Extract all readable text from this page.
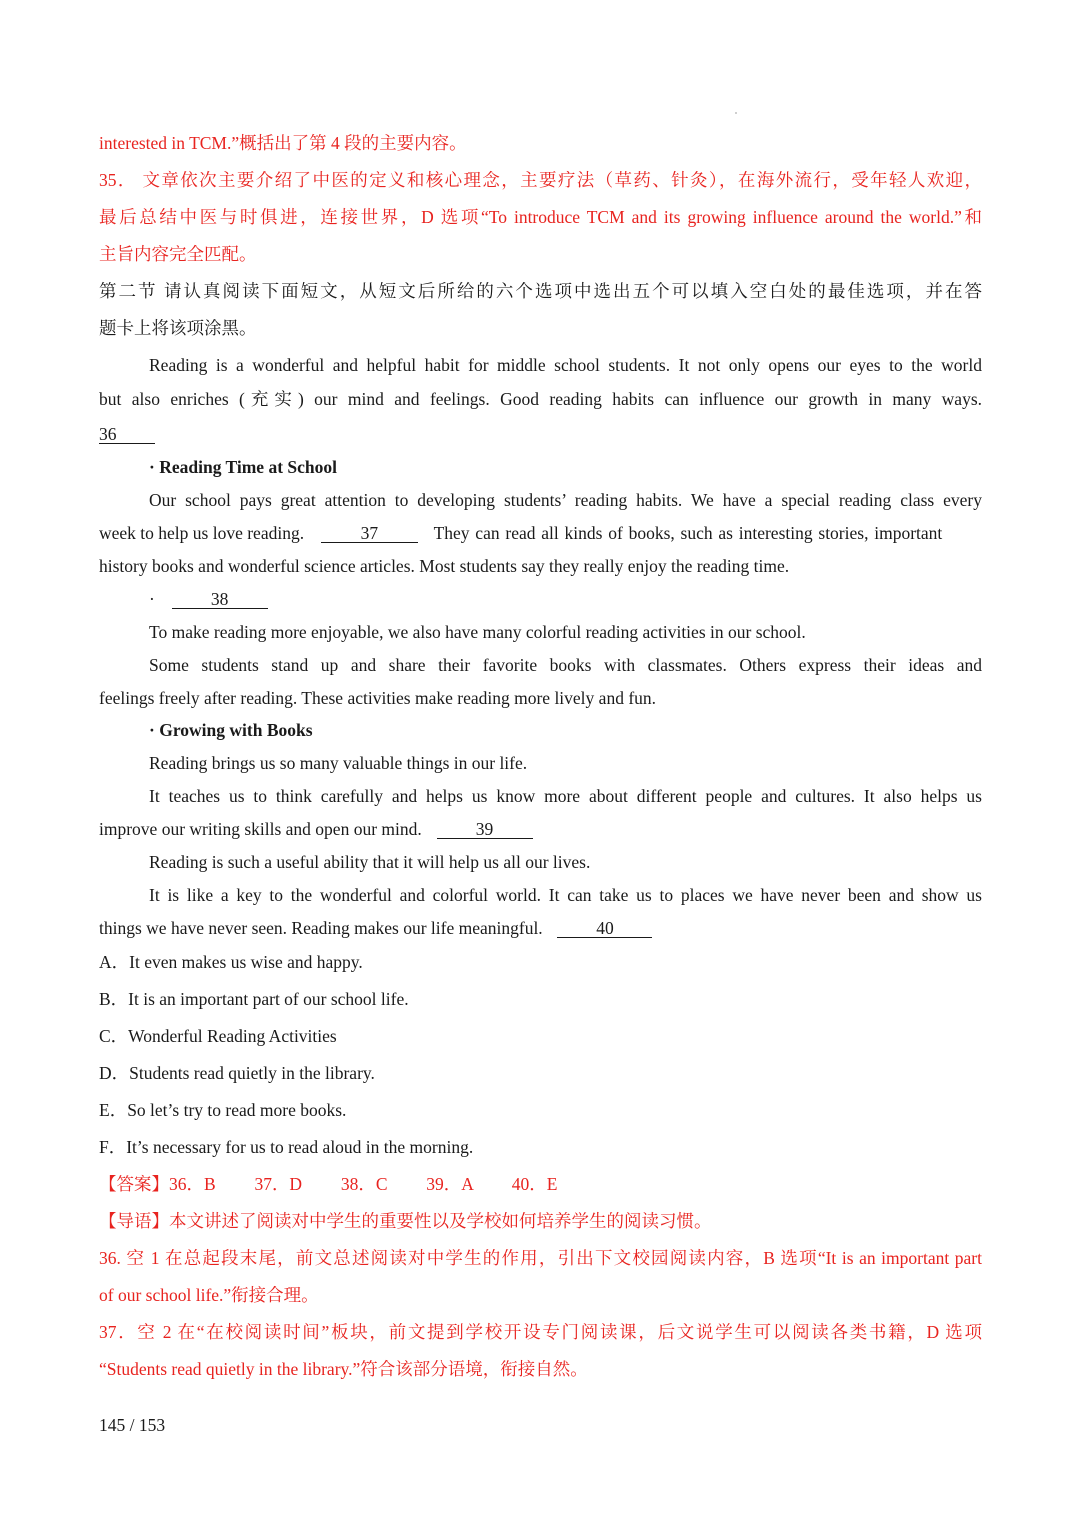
interested in TCM.”概括出了第 4 段的主要内容。
35． 文章依次主要介绍了中医的定义和核心理念，主要疗法（草药、针灸），在海外流行，受年轻人欢迎，
最后总结中医与时俱进，连接世界，D 选项“To introduce TCM and its growing influence around the world.”和
主旨内容完全匹配。
第二节 请认真阅读下面短文，从短文后所给的六个选项中选出五个可以填入空白处的最佳选项，并在答
题卡上将该项涂黑。
Reading is a wonderful and helpful habit for middle school students. It not only opens our eyes to the world
but also enriches (充实) our mind and feelings. Good reading habits can influence our growth in many ways.
36
· Reading Time at School
Our school pays great attention to developing students’ reading habits. We have a special reading class every
week to help us love reading.	37	They can read all kinds of books, such as interesting stories, important
history books and wonderful science articles. Most students say they really enjoy the reading time.
·	38
To make reading more enjoyable, we also have many colorful reading activities in our school.
Some students stand up and share their favorite books with classmates. Others express their ideas and
feelings freely after reading. These activities make reading more lively and fun.
· Growing with Books
Reading brings us so many valuable things in our life.
It teaches us to think carefully and helps us know more about different people and cultures. It also helps us
improve our writing skills and open our mind.	39
Reading is such a useful ability that it will help us all our lives.
It is like a key to the wonderful and colorful world. It can take us to places we have never been and show us
things we have never seen. Reading makes our life meaningful.	40
A．It even makes us wise and happy.
B．It is an important part of our school life.
C．Wonderful Reading Activities
D．Students read quietly in the library.
E．So let’s try to read more books.
F．It’s necessary for us to read aloud in the morning.
【答案】36．B 37．D 38．C 39．A 40．E
【导语】本文讲述了阅读对中学生的重要性以及学校如何培养学生的阅读习惯。
36. 空 1 在总起段末尾，前文总述阅读对中学生的作用，引出下文校园阅读内容，B 选项“It is an important part
of our school life.”衔接合理。
37．空 2 在“在校阅读时间”板块，前文提到学校开设专门阅读课，后文说学生可以阅读各类书籍，D 选项
“Students read quietly in the library.”符合该部分语境，衔接自然。
145 / 153
